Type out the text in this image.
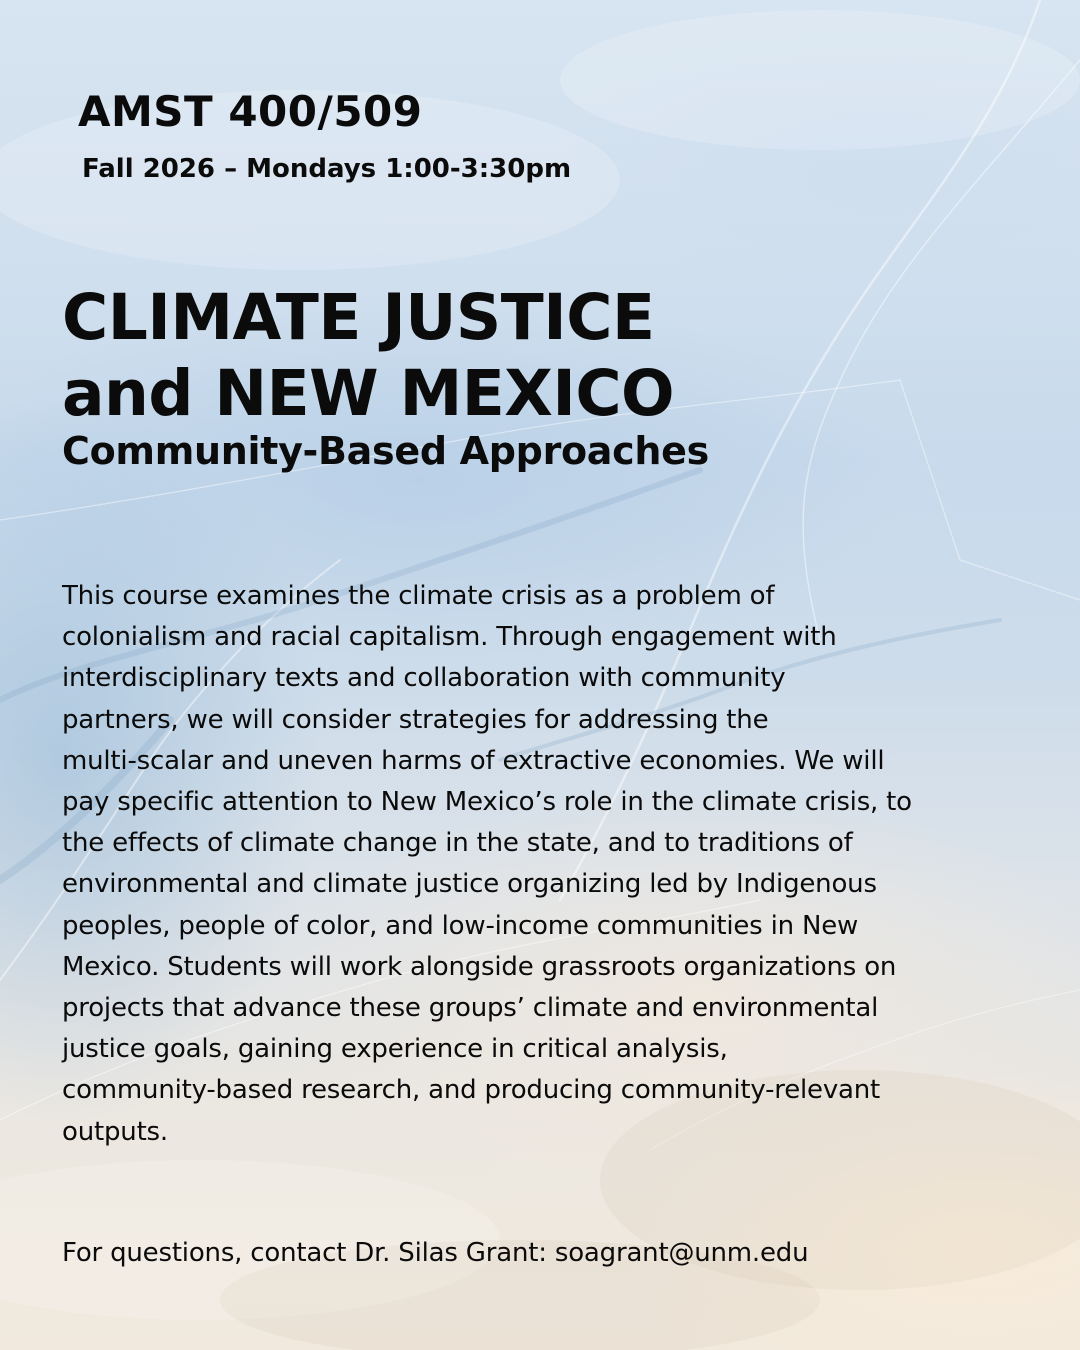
AMST 400/509

Fall 2026 – Mondays 1:00-3:30pm

CLIMATE JUSTICE
and NEW MEXICO
Community-Based Approaches

This course examines the climate crisis as a problem of
colonialism and racial capitalism. Through engagement with
interdisciplinary texts and collaboration with community
partners, we will consider strategies for addressing the
multi-scalar and uneven harms of extractive economies. We will
pay specific attention to New Mexico’s role in the climate crisis, to
the effects of climate change in the state, and to traditions of
environmental and climate justice organizing led by Indigenous
peoples, people of color, and low-income communities in New
Mexico. Students will work alongside grassroots organizations on
projects that advance these groups’ climate and environmental
justice goals, gaining experience in critical analysis,
community-based research, and producing community-relevant
outputs.

For questions, contact Dr. Silas Grant: soagrant@unm.edu
